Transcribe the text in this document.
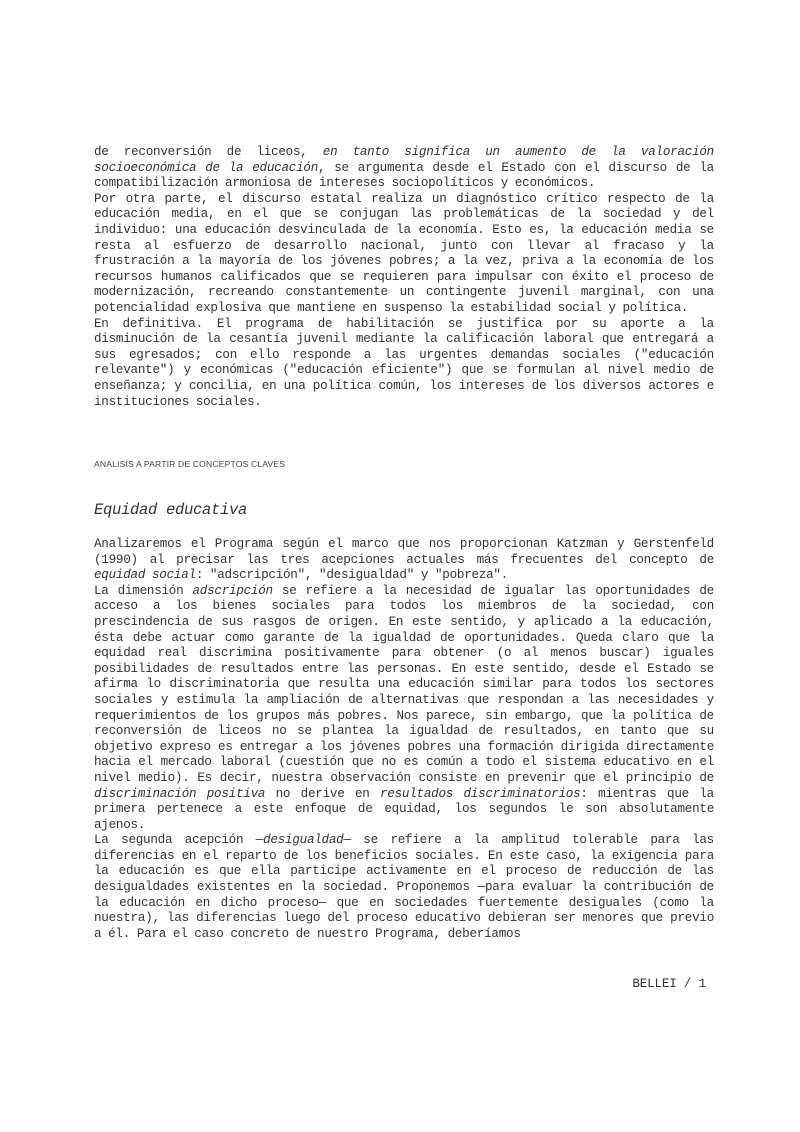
de reconversión de liceos, en tanto significa un aumento de la valoración socioeconómica de la educación, se argumenta desde el Estado con el discurso de la compatibilización armoniosa de intereses sociopolíticos y económicos.

Por otra parte, el discurso estatal realiza un diagnóstico crítico respecto de la educación media, en el que se conjugan las problemáticas de la sociedad y del individuo: una educación desvinculada de la economía. Esto es, la educación media se resta al esfuerzo de desarrollo nacional, junto con llevar al fracaso y la frustración a la mayoría de los jóvenes pobres; a la vez, priva a la economía de los recursos humanos calificados que se requieren para impulsar con éxito el proceso de modernización, recreando constantemente un contingente juvenil marginal, con una potencialidad explosiva que mantiene en suspenso la estabilidad social y política.

En definitiva. El programa de habilitación se justifica por su aporte a la disminución de la cesantía juvenil mediante la calificación laboral que entregará a sus egresados; con ello responde a las urgentes demandas sociales ("educación relevante") y económicas ("educación eficiente") que se formulan al nivel medio de enseñanza; y concilia, en una política común, los intereses de los diversos actores e instituciones sociales.

ANALISIS A PARTIR DE CONCEPTOS CLAVES
Equidad educativa

Analizaremos el Programa según el marco que nos proporcionan Katzman y Gerstenfeld (1990) al precisar las tres acepciones actuales más frecuentes del concepto de equidad social: "adscripción", "desigualdad" y "pobreza".

La dimensión adscripción se refiere a la necesidad de igualar las oportunidades de acceso a los bienes sociales para todos los miembros de la sociedad, con prescindencia de sus rasgos de origen. En este sentido, y aplicado a la educación, ésta debe actuar como garante de la igualdad de oportunidades. Queda claro que la equidad real discrimina positivamente para obtener (o al menos buscar) iguales posibilidades de resultados entre las personas. En este sentido, desde el Estado se afirma lo discriminatoria que resulta una educación similar para todos los sectores sociales y estimula la ampliación de alternativas que respondan a las necesidades y requerimientos de los grupos más pobres. Nos parece, sin embargo, que la política de reconversión de liceos no se plantea la igualdad de resultados, en tanto que su objetivo expreso es entregar a los jóvenes pobres una formación dirigida directamente hacia el mercado laboral (cuestión que no es común a todo el sistema educativo en el nivel medio). Es decir, nuestra observación consiste en prevenir que el principio de discriminación positiva no derive en resultados discriminatorios: mientras que la primera pertenece a este enfoque de equidad, los segundos le son absolutamente ajenos.

La segunda acepción —desigualdad— se refiere a la amplitud tolerable para las diferencias en el reparto de los beneficios sociales. En este caso, la exigencia para la educación es que ella participe activamente en el proceso de reducción de las desigualdades existentes en la sociedad. Proponemos —para evaluar la contribución de la educación en dicho proceso— que en sociedades fuertemente desiguales (como la nuestra), las diferencias luego del proceso educativo debieran ser menores que previo a él. Para el caso concreto de nuestro Programa, deberíamos

BELLEI / 1
